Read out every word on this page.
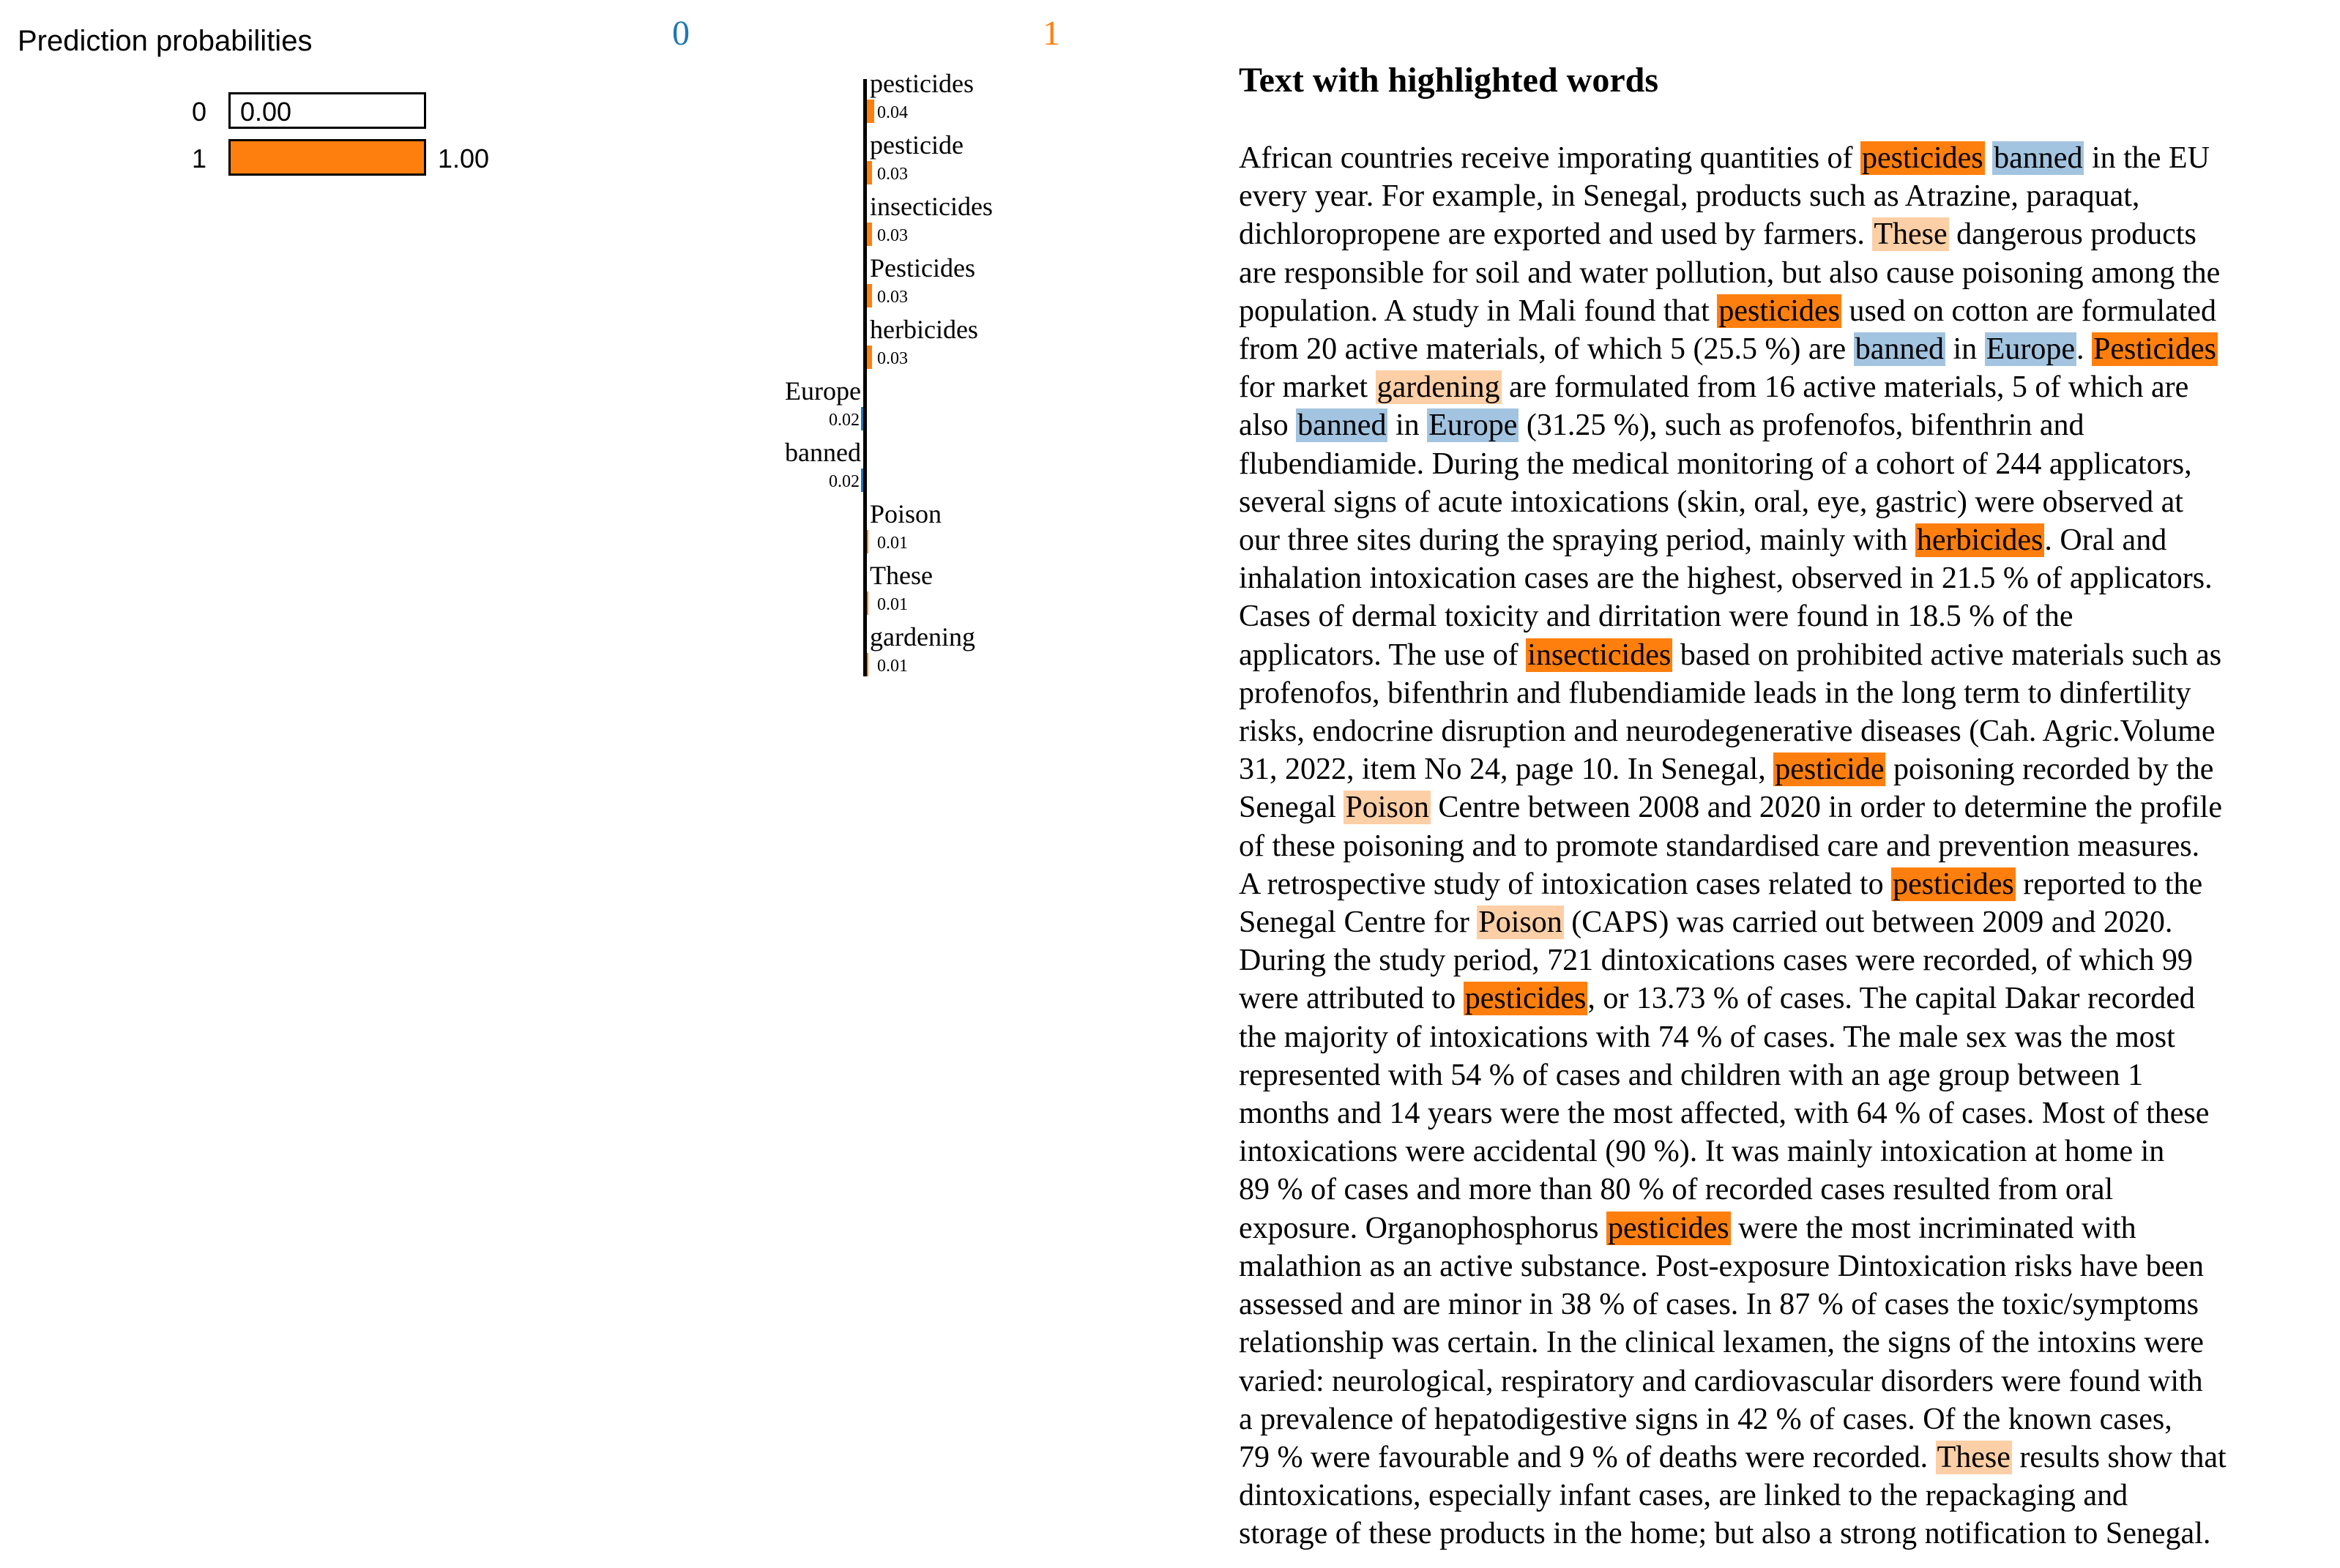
Prediction probabilities
0 0.00
1	1.00
0	1
pesticides
0.04
pesticide
0.03
insecticides
0.03
Pesticides
0.03
herbicides
0.03
Europe
0.02
banned
0.02
Poison
0.01
These
0.01
gardening
0.01
Text with highlighted words
African countries receive imporating quantities of pesticides banned in the EU
every year. For example, in Senegal, products such as Atrazine, paraquat,
dichloropropene are exported and used by farmers. These dangerous products
are responsible for soil and water pollution, but also cause poisoning among the
population. A study in Mali found that pesticides used on cotton are formulated
from 20 active materials, of which 5 (25.5 %) are banned in Europe. Pesticides
for market gardening are formulated from 16 active materials, 5 of which are
also banned in Europe (31.25 %), such as profenofos, bifenthrin and
flubendiamide. During the medical monitoring of a cohort of 244 applicators,
several signs of acute intoxications (skin, oral, eye, gastric) were observed at
our three sites during the spraying period, mainly with herbicides. Oral and
inhalation intoxication cases are the highest, observed in 21.5 % of applicators.
Cases of dermal toxicity and dirritation were found in 18.5 % of the
applicators. The use of insecticides based on prohibited active materials such as
profenofos, bifenthrin and flubendiamide leads in the long term to dinfertility
risks, endocrine disruption and neurodegenerative diseases (Cah. Agric.Volume
31, 2022, item No 24, page 10. In Senegal, pesticide poisoning recorded by the
Senegal Poison Centre between 2008 and 2020 in order to determine the profile
of these poisoning and to promote standardised care and prevention measures.
A retrospective study of intoxication cases related to pesticides reported to the
Senegal Centre for Poison (CAPS) was carried out between 2009 and 2020.
During the study period, 721 dintoxications cases were recorded, of which 99
were attributed to pesticides, or 13.73 % of cases. The capital Dakar recorded
the majority of intoxications with 74 % of cases. The male sex was the most
represented with 54 % of cases and children with an age group between 1
months and 14 years were the most affected, with 64 % of cases. Most of these
intoxications were accidental (90 %). It was mainly intoxication at home in
89 % of cases and more than 80 % of recorded cases resulted from oral
exposure. Organophosphorus pesticides were the most incriminated with
malathion as an active substance. Post-exposure Dintoxication risks have been
assessed and are minor in 38 % of cases. In 87 % of cases the toxic/symptoms
relationship was certain. In the clinical lexamen, the signs of the intoxins were
varied: neurological, respiratory and cardiovascular disorders were found with
a prevalence of hepatodigestive signs in 42 % of cases. Of the known cases,
79 % were favourable and 9 % of deaths were recorded. These results show that
dintoxications, especially infant cases, are linked to the repackaging and
storage of these products in the home; but also a strong notification to Senegal.
